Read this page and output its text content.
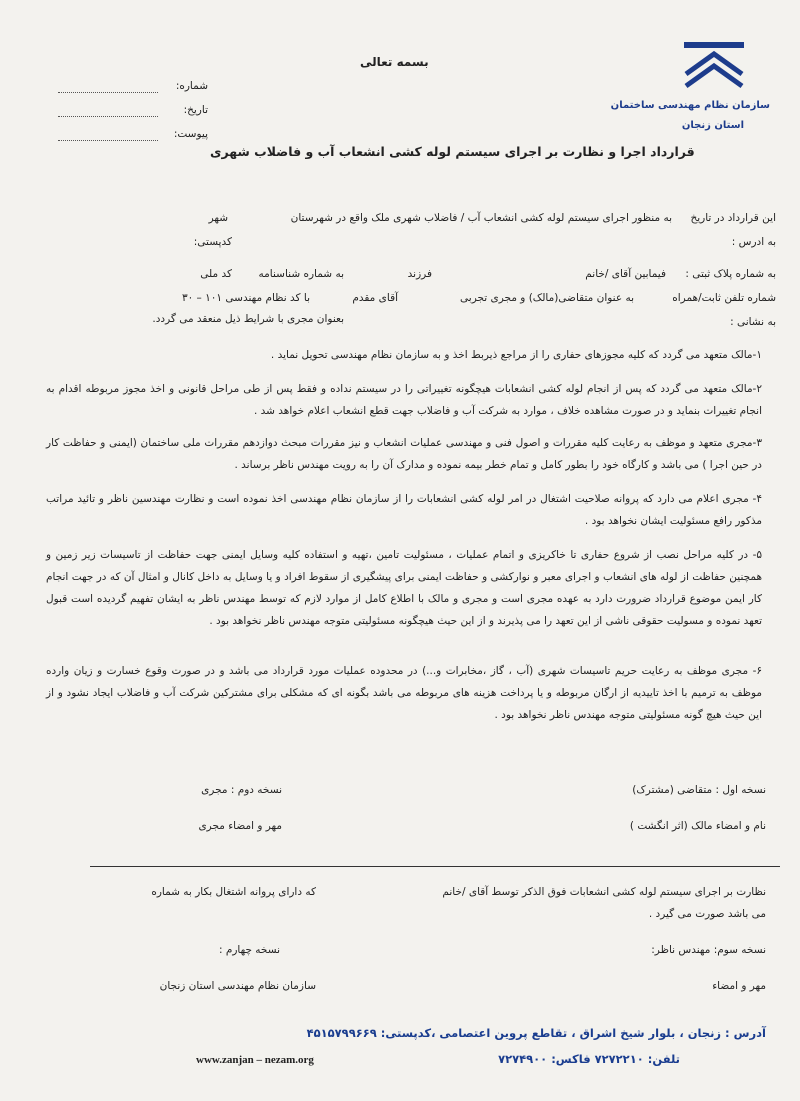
سازمان نظام مهندسی ساختمان
استان زنجان
بسمه تعالی
شماره:
تاریخ:
پیوست:
قرارداد اجرا و نظارت بر اجرای سیستم لوله کشی انشعاب آب و فاضلاب شهری
این قرارداد در تاریخ
به منظور اجرای سیستم لوله کشی انشعاب آب / فاضلاب شهری ملک واقع در شهرستان
شهر
به ادرس :
کدپستی:
به شماره پلاک ثبتی :
فیمابین آقای /خانم
فرزند
به شماره شناسنامه
کد ملی
شماره تلفن ثابت/همراه
به عنوان متقاضی(مالک) و مجری تجربی
آقای مقدم
با کد نظام مهندسی ۱۰۱ – ۳۰
به نشانی :
بعنوان مجری با شرایط ذیل منعقد می گردد.
۱-مالک متعهد می گردد که کلیه مجوزهای حفاری را از مراجع ذیربط اخذ و به سازمان نظام مهندسی تحویل نماید .
۲-مالک متعهد می گردد که پس از انجام لوله کشی انشعابات هیچگونه تغییراتی را در سیستم نداده و فقط پس از طی مراحل قانونی و اخذ مجوز مربوطه اقدام به انجام تغییرات بنماید و در صورت مشاهده خلاف ، موارد به شرکت آب و فاضلاب جهت قطع انشعاب اعلام خواهد شد .
۳-مجری متعهد و موظف به رعایت کلیه مقررات و اصول فنی و مهندسی عملیات انشعاب و نیز مقررات مبحث دوازدهم مقررات ملی ساختمان (ایمنی و حفاظت کار در حین اجرا ) می باشد و کارگاه خود را بطور کامل و تمام خطر بیمه نموده و مدارک آن را به رویت مهندس ناظر برساند .
۴- مجری اعلام می دارد که پروانه صلاحیت اشتغال در امر لوله کشی انشعابات را از سازمان نظام مهندسی اخذ نموده است و نظارت مهندسین ناظر و تائید مراتب مذکور رافع مسئولیت ایشان نخواهد بود .
۵- در کلیه مراحل نصب از شروع حفاری تا خاکریزی و اتمام عملیات ، مسئولیت تامین ،تهیه و استفاده کلیه وسایل ایمنی جهت حفاظت از تاسیسات زیر زمین و همچنین حفاظت از لوله های انشعاب و اجرای معبر و نوارکشی و حفاظت ایمنی برای پیشگیری از سقوط افراد و یا وسایل به داخل کانال و امثال آن که در جهت انجام کار ایمن موضوع قرارداد ضرورت دارد به عهده مجری است و مجری و مالک با اطلاع کامل از موارد لازم که توسط مهندس ناظر به ایشان تفهیم گردیده است قبول تعهد نموده و مسولیت حقوقی ناشی از این تعهد را می پذیرند و از این حیث هیچگونه مسئولیتی متوجه مهندس ناظر نخواهد بود .
۶- مجری موظف به رعایت حریم تاسیسات شهری (آب ، گاز ،مخابرات و...) در محدوده عملیات مورد قرارداد می باشد و در صورت وقوع خسارت و زیان وارده موظف به ترمیم با اخذ تاییدیه از ارگان مربوطه و یا پرداخت هزینه های مربوطه می باشد بگونه ای که مشکلی برای مشترکین شرکت آب و فاضلاب ایجاد نشود و از این حیث هیچ گونه مسئولیتی متوجه مهندس ناظر نخواهد بود .
نسخه اول : متقاضی (مشترک)
نسخه دوم : مجری
نام و امضاء مالک (اثر انگشت )
مهر و امضاء مجری
نظارت بر اجرای سیستم لوله کشی انشعابات فوق الذکر توسط آقای /خانم
که دارای پروانه اشتغال بکار به شماره
می باشد صورت می گیرد .
نسخه سوم: مهندس ناظر:
نسخه چهارم :
مهر و امضاء
سازمان نظام مهندسی استان زنجان
آدرس : زنجان ، بلوار شیخ اشراق ، تقاطع پروین اعتصامی ،کدپستی: ۴۵۱۵۷۹۹۶۶۹
تلفن: ۷۲۷۲۲۱۰ فاکس: ۷۲۷۴۹۰۰
www.zanjan – nezam.org
